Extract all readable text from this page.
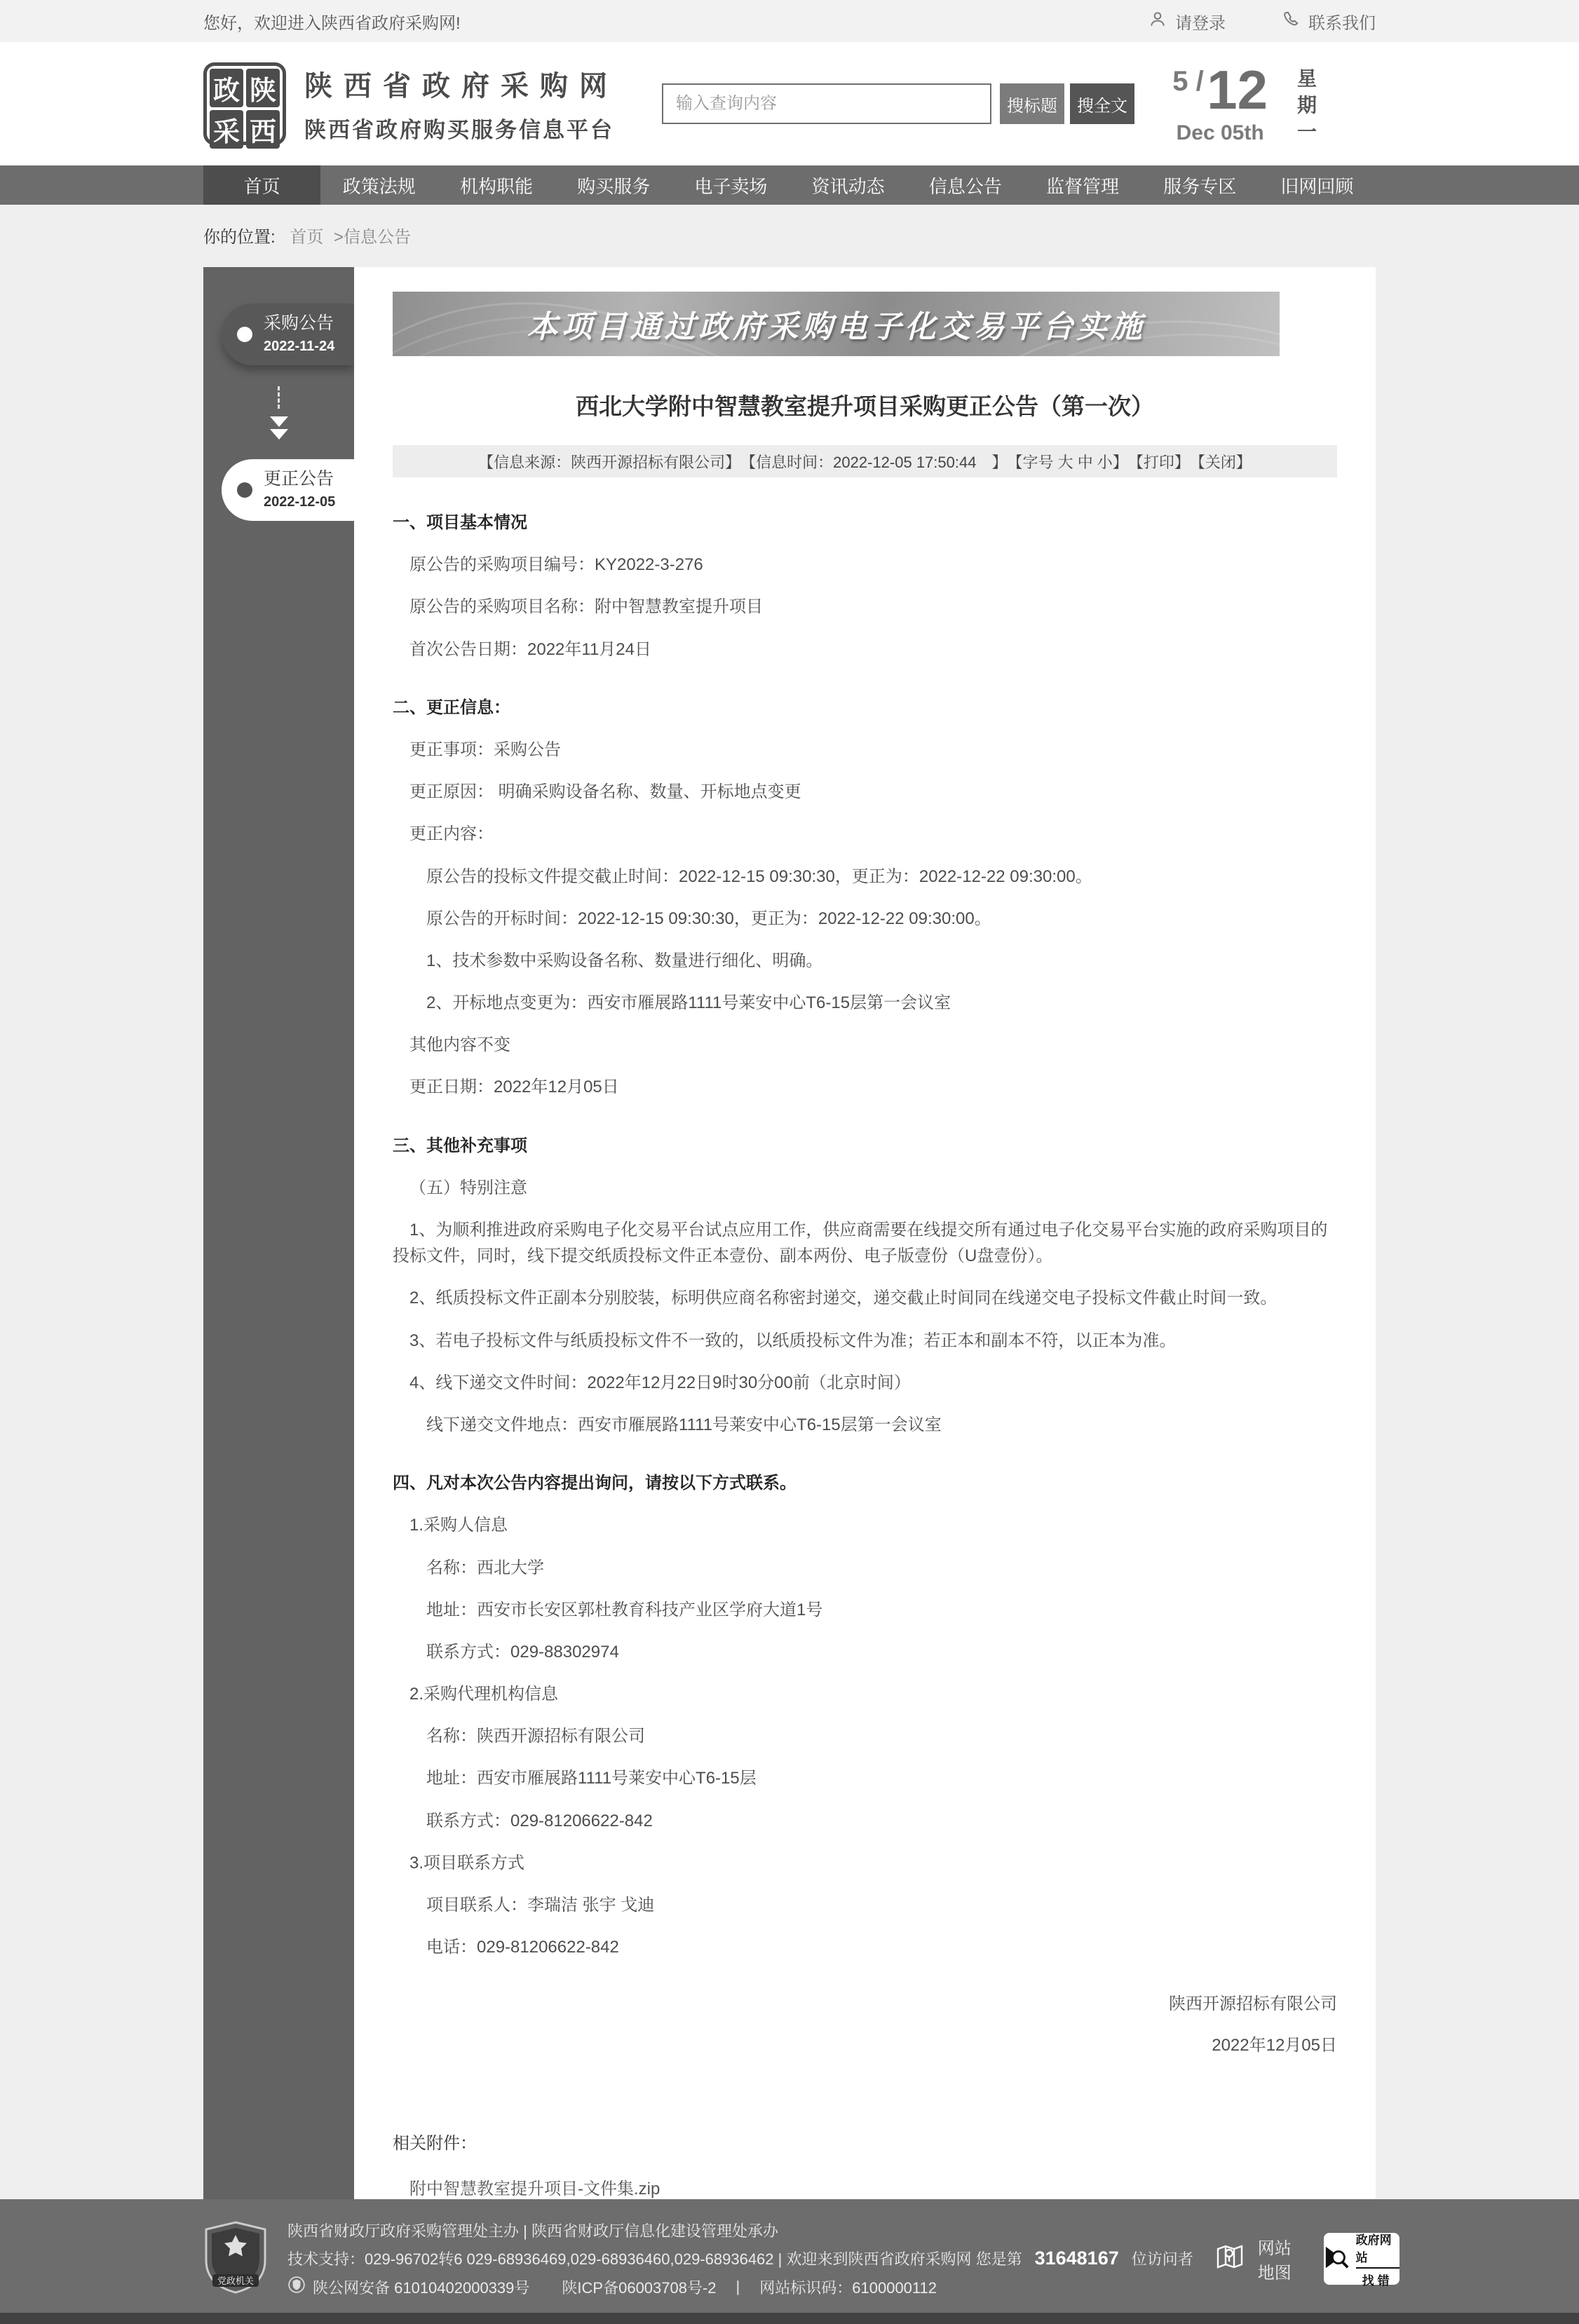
您好，欢迎进入陕西省政府采购网!	请登录	联系我们
政 陕
采 西
陕西省政府采购网
陕西省政府购买服务信息平台
输入查询内容
搜标题	搜全文
5 / 12
Dec 05th 星期一
首页	政策法规	机构职能	购买服务	电子卖场	资讯动态	信息公告	监督管理	服务专区	旧网回顾
你的位置: 首页 >信息公告
采购公告
2022-11-24
更正公告
2022-12-05
本项目通过政府采购电子化交易平台实施
西北大学附中智慧教室提升项目采购更正公告（第一次）
【信息来源：陕西开源招标有限公司】 【信息时间：2022-12-05 17:50:44　】 【字号 大 中 小】 【打印】 【关闭】

一、项目基本情况

原公告的采购项目编号：KY2022-3-276

原公告的采购项目名称：附中智慧教室提升项目

首次公告日期：2022年11月24日

二、更正信息：

更正事项：采购公告

更正原因： 明确采购设备名称、数量、开标地点变更

更正内容：

原公告的投标文件提交截止时间：2022-12-15 09:30:30，更正为：2022-12-22 09:30:00。

原公告的开标时间：2022-12-15 09:30:30，更正为：2022-12-22 09:30:00。

1、技术参数中采购设备名称、数量进行细化、明确。

2、开标地点变更为：西安市雁展路1111号莱安中心T6-15层第一会议室

其他内容不变

更正日期：2022年12月05日

三、其他补充事项

（五）特别注意

1、为顺利推进政府采购电子化交易平台试点应用工作，供应商需要在线提交所有通过电子化交易平台实施的政府采购项目的投标文件，同时，线下提交纸质投标文件正本壹份、副本两份、电子版壹份（U盘壹份）。

2、纸质投标文件正副本分别胶装，标明供应商名称密封递交，递交截止时间同在线递交电子投标文件截止时间一致。

3、若电子投标文件与纸质投标文件不一致的，以纸质投标文件为准；若正本和副本不符，以正本为准。

4、线下递交文件时间：2022年12月22日9时30分00前（北京时间）

线下递交文件地点：西安市雁展路1111号莱安中心T6-15层第一会议室

四、凡对本次公告内容提出询问，请按以下方式联系。

1.采购人信息

名称：西北大学

地址：西安市长安区郭杜教育科技产业区学府大道1号

联系方式：029-88302974

2.采购代理机构信息

名称：陕西开源招标有限公司

地址：西安市雁展路1111号莱安中心T6-15层

联系方式：029-81206622-842

3.项目联系方式

项目联系人：李瑞洁 张宇 戈迪

电话：029-81206622-842

陕西开源招标有限公司

2022年12月05日

相关附件：
附中智慧教室提升项目-文件集.zip
党政机关
陕西省财政厅政府采购管理处主办 | 陕西省财政厅信息化建设管理处承办
技术支持：029-96702转6 029-68936469,029-68936460,029-68936462 | 欢迎来到陕西省政府采购网 您是第 31648167 位访问者
陕公网安备 61010402000339号 陕ICP备06003708号-2 | 网站标识码：6100000112
网站地图
政府网站
找错
